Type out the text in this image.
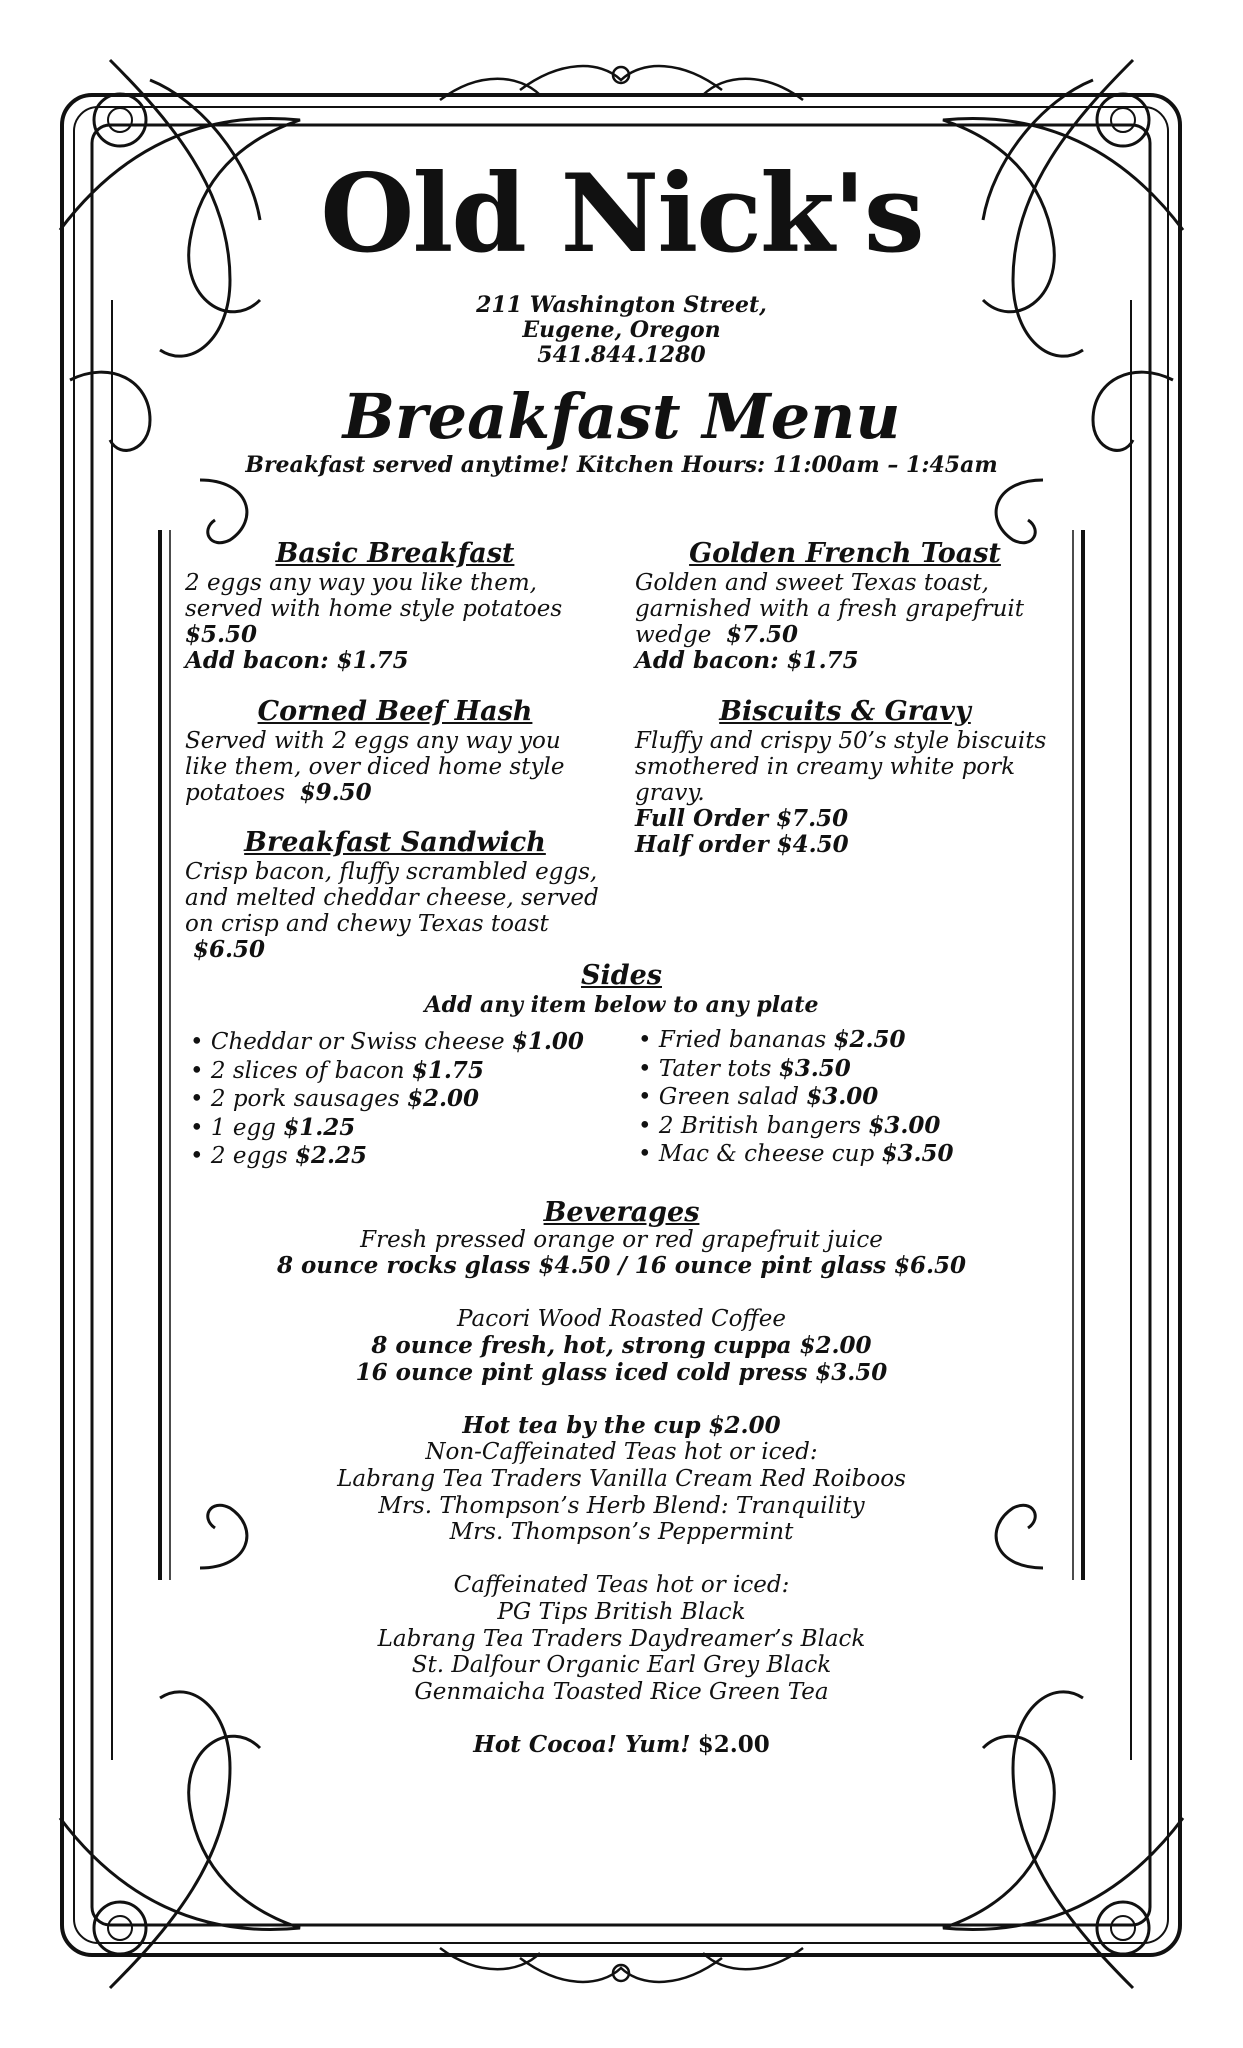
Old Nick's
211 Washington Street,
Eugene, Oregon
541.844.1280
Breakfast Menu
Breakfast served anytime! Kitchen Hours: 11:00am – 1:45am
Basic Breakfast
2 eggs any way you like them,
served with home style potatoes
$5.50
Add bacon: $1.75
Corned Beef Hash
Served with 2 eggs any way you
like them, over diced home style
potatoes $9.50
Breakfast Sandwich
Crisp bacon, fluffy scrambled eggs,
and melted cheddar cheese, served
on crisp and chewy Texas toast
$6.50
Golden French Toast
Golden and sweet Texas toast,
garnished with a fresh grapefruit
wedge $7.50
Add bacon: $1.75
Biscuits & Gravy
Fluffy and crispy 50’s style biscuits
smothered in creamy white pork
gravy.
Full Order $7.50
Half order $4.50
Sides
Add any item below to any plate
• Cheddar or Swiss cheese $1.00
• 2 slices of bacon $1.75
• 2 pork sausages $2.00
• 1 egg $1.25
• 2 eggs $2.25
• Fried bananas $2.50
• Tater tots $3.50
• Green salad $3.00
• 2 British bangers $3.00
• Mac & cheese cup $3.50
Beverages
Fresh pressed orange or red grapefruit juice
8 ounce rocks glass $4.50 / 16 ounce pint glass $6.50
Pacori Wood Roasted Coffee
8 ounce fresh, hot, strong cuppa $2.00
16 ounce pint glass iced cold press $3.50
Hot tea by the cup $2.00
Non-Caffeinated Teas hot or iced:
Labrang Tea Traders Vanilla Cream Red Roiboos
Mrs. Thompson’s Herb Blend: Tranquility
Mrs. Thompson’s Peppermint
Caffeinated Teas hot or iced:
PG Tips British Black
Labrang Tea Traders Daydreamer’s Black
St. Dalfour Organic Earl Grey Black
Genmaicha Toasted Rice Green Tea
Hot Cocoa! Yum! $2.00
